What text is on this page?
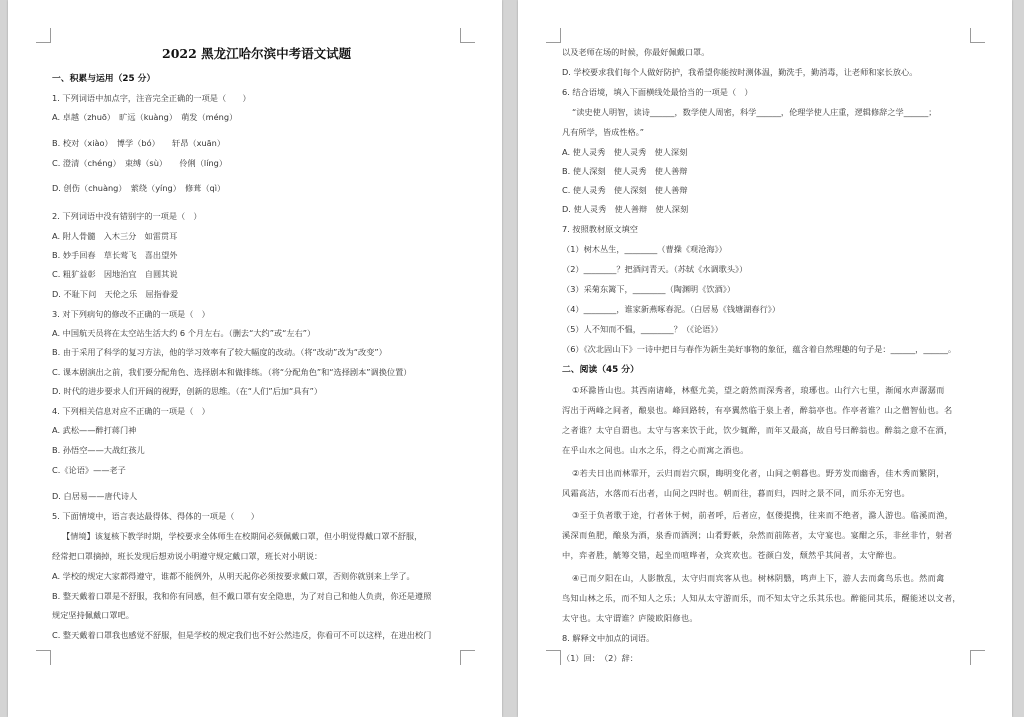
2022 黑龙江哈尔滨中考语文试题
一、积累与运用（25 分）
1. 下列词语中加点字，注音完全正确的一项是（　　）
A. 卓越（zhuō）　旷远（kuàng）　萌发（méng）
B. 校对（xiào）　博学（bó）　　轩昂（xuān）
C. 澄清（chéng）　束缚（sù）　　伶俐（líng）
D. 创伤（chuàng）　萦绕（yíng）　修葺（qì）
2. 下列词语中没有错别字的一项是（　）
A. 附人骨髓　入木三分　如雷贯耳
B. 妙手回春　草长莺飞　喜出望外
C. 粗犷益彰　因地治宜　自圆其说
D. 不耻下问　天伦之乐　屈指眷爱
3. 对下列病句的修改不正确的一项是（　）
A. 中国航天员将在太空站生活大约 6 个月左右。（删去“大约”或“左右”）
B. 由于采用了科学的复习方法，他的学习效率有了较大幅度的改动。（将“改动”改为“改变”）
C. 课本剧演出之前，我们要分配角色、选择剧本和做排练。（将“分配角色”和“选择剧本”调换位置）
D. 时代的进步要求人们开阔的视野，创新的思维。（在“人们”后加“具有”）
4. 下列相关信息对应不正确的一项是（　）
A. 武松——醉打蒋门神
B. 孙悟空——大战红孩儿
C.《论语》——老子
D. 白居易——唐代诗人
5. 下面情境中，语言表达最得体、得体的一项是（　　）
【情境】该复核下教学时期，学校要求全体师生在校期间必须佩戴口罩，但小明觉得戴口罩不舒服，
经常把口罩摘掉，班长发现后想劝说小明遵守规定戴口罩，班长对小明说：
A. 学校的规定大家都得遵守，谁都不能例外，从明天起你必须按要求戴口罩，否则你就别来上学了。
B. 整天戴着口罩是不舒服，我和你有同感，但不戴口罩有安全隐患，为了对自己和他人负责，你还是遵照
规定坚持佩戴口罩吧。
C. 整天戴着口罩我也感觉不舒服，但是学校的规定我们也不好公然违反，你看可不可以这样，在进出校门
以及老师在场的时候，你最好佩戴口罩。
D. 学校要求我们每个人做好防护，我希望你能按时测体温，勤洗手，勤消毒，让老师和家长放心。
6. 结合语境，填入下面横线处最恰当的一项是（　）
“读史使人明智，读诗______，数学使人周密，科学______，伦理学使人庄重，逻辑修辞之学______；
凡有所学，皆成性格。”
A. 使人灵秀　使人灵秀　使人深刻
B. 使人深刻　使人灵秀　使人善辩
C. 使人灵秀　使人深刻　使人善辩
D. 使人灵秀　使人善辩　使人深刻
7. 按照教材原文填空
（1）树木丛生，________（曹操《观沧海》）
（2）________？把酒问青天。（苏轼《水调歌头》）
（3）采菊东篱下，________（陶渊明《饮酒》）
（4）________，谁家新燕啄春泥。（白居易《钱塘湖春行》）
（5）人不知而不愠，________？（《论语》）
（6）《次北固山下》一诗中把日与春作为新生美好事物的象征，蕴含着自然理趣的句子是：______，______。
二、阅读（45 分）
①环滁皆山也。其西南诸峰，林壑尤美，望之蔚然而深秀者，琅琊也。山行六七里，渐闻水声潺潺而
泻出于两峰之间者，酿泉也。峰回路转，有亭翼然临于泉上者，醉翁亭也。作亭者谁？山之僧智仙也。名
之者谁？太守自谓也。太守与客来饮于此，饮少辄醉，而年又最高，故自号曰醉翁也。醉翁之意不在酒，
在乎山水之间也。山水之乐，得之心而寓之酒也。
②若夫日出而林霏开，云归而岩穴暝，晦明变化者，山间之朝暮也。野芳发而幽香，佳木秀而繁阴，
风霜高洁，水落而石出者，山间之四时也。朝而往，暮而归，四时之景不同，而乐亦无穷也。
③至于负者歌于途，行者休于树，前者呼，后者应，伛偻提携，往来而不绝者，滁人游也。临溪而渔，
溪深而鱼肥，酿泉为酒，泉香而酒洌；山肴野蔌，杂然而前陈者，太守宴也。宴酣之乐，非丝非竹，射者
中，弈者胜，觥筹交错，起坐而喧哗者，众宾欢也。苍颜白发，颓然乎其间者，太守醉也。
④已而夕阳在山，人影散乱，太守归而宾客从也。树林阴翳，鸣声上下，游人去而禽鸟乐也。然而禽
鸟知山林之乐，而不知人之乐；人知从太守游而乐，而不知太守之乐其乐也。醉能同其乐，醒能述以文者，
太守也。太守谓谁？庐陵欧阳修也。
8. 解释文中加点的词语。
（1）回：　（2）辞：
